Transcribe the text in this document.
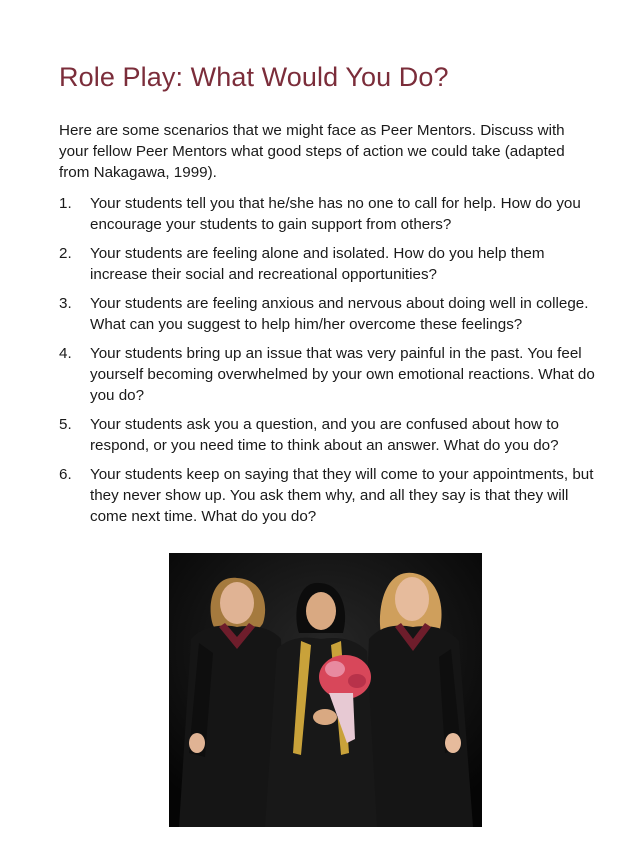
Role Play: What Would You Do?

Here are some scenarios that we might face as Peer Mentors. Discuss with your fellow Peer Mentors what good steps of action we could take (adapted from Nakagawa, 1999).

1.	Your students tell you that he/she has no one to call for help. How do you encourage your students to gain support from others?
2.	Your students are feeling alone and isolated. How do you help them increase their social and recreational opportunities?
3.	Your students are feeling anxious and nervous about doing well in college. What can you suggest to help him/her overcome these feelings?
4.	Your students bring up an issue that was very painful in the past. You feel yourself becoming overwhelmed by your own emotional reactions. What do you do?
5.	Your students ask you a question, and you are confused about how to respond, or you need time to think about an answer. What do you do?
6.	Your students keep on saying that they will come to your appointments, but they never show up. You ask them why, and all they say is that they will come next time. What do you do?
